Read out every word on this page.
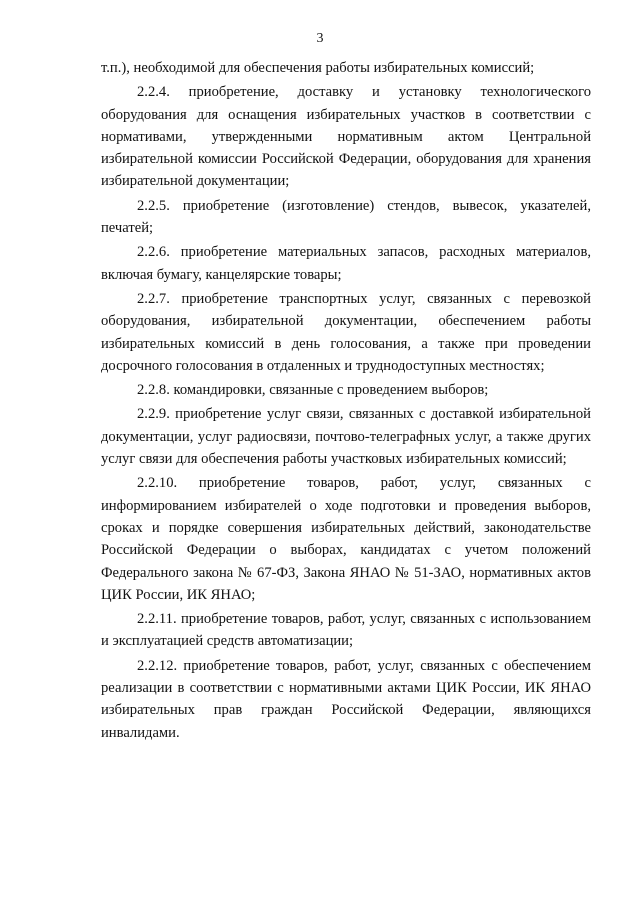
3

т.п.), необходимой для обеспечения работы избирательных комиссий;

2.2.4. приобретение, доставку и установку технологического оборудования для оснащения избирательных участков в соответствии с нормативами, утвержденными нормативным актом Центральной избирательной комиссии Российской Федерации, оборудования для хранения избирательной документации;

2.2.5. приобретение (изготовление) стендов, вывесок, указателей, печатей;

2.2.6. приобретение материальных запасов, расходных материалов, включая бумагу, канцелярские товары;

2.2.7. приобретение транспортных услуг, связанных с перевозкой оборудования, избирательной документации, обеспечением работы избирательных комиссий в день голосования, а также при проведении досрочного голосования в отдаленных и труднодоступных местностях;

2.2.8. командировки, связанные с проведением выборов;

2.2.9. приобретение услуг связи, связанных с доставкой избирательной документации, услуг радиосвязи, почтово-телеграфных услуг, а также других услуг связи для обеспечения работы участковых избирательных комиссий;

2.2.10. приобретение товаров, работ, услуг, связанных с информированием избирателей о ходе подготовки и проведения выборов, сроках и порядке совершения избирательных действий, законодательстве Российской Федерации о выборах, кандидатах с учетом положений Федерального закона № 67-ФЗ, Закона ЯНАО № 51-ЗАО, нормативных актов ЦИК России, ИК ЯНАО;

2.2.11. приобретение товаров, работ, услуг, связанных с использованием и эксплуатацией средств автоматизации;

2.2.12. приобретение товаров, работ, услуг, связанных с обеспечением реализации в соответствии с нормативными актами ЦИК России, ИК ЯНАО избирательных прав граждан Российской Федерации, являющихся инвалидами.
